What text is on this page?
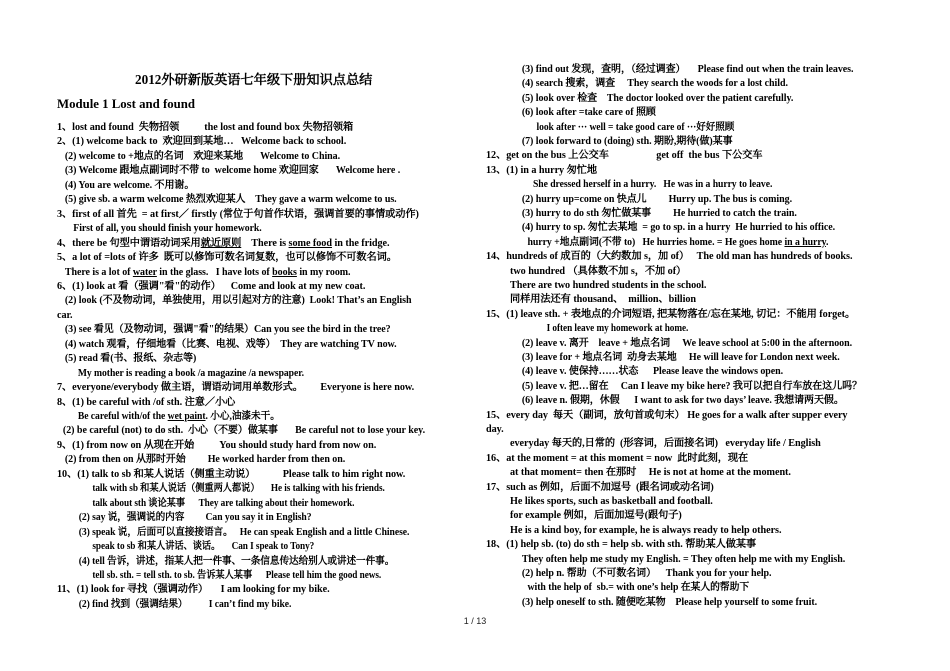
2012外研新版英语七年级下册知识点总结
Module 1 Lost and found
1、lost and found  失物招领          the lost and found box 失物招领箱
2、(1) welcome back to  欢迎回到某地…   Welcome back to school.
(2) welcome to +地点的名词    欢迎来某地       Welcome to China.
(3) Welcome 跟地点副词时不带 to  welcome home 欢迎回家       Welcome here .
(4) You are welcome. 不用谢。
(5) give sb. a warm welcome 热烈欢迎某人    They gave a warm welcome to us.
3、first of all 首先  = at first／ firstly (常位于句首作状语，强调首要的事情或动作)
First of all, you should finish your homework.
4、there be 句型中谓语动词采用就近原则    There is some food in the fridge.
5、a lot of =lots of 许多  既可以修饰可数名词复数，也可以修饰不可数名词。
There is a lot of water in the glass.   I have lots of books in my room.
6、(1) look at 看（强调"看"的动作）    Come and look at my new coat.
(2) look (不及物动词，单独使用，用以引起对方的注意)  Look! That’s an English
car.
(3) see 看见（及物动词，强调"看"的结果）Can you see the bird in the tree?
(4) watch 观看，仔细地看（比赛、电视、戏等）  They are watching TV now.
(5) read 看(书、报纸、杂志等)
My mother is reading a book /a magazine /a newspaper.
7、everyone/everybody 做主语，谓语动词用单数形式。       Everyone is here now.
8、(1) be careful with /of sth. 注意／小心
Be careful with/of the wet paint. 小心,油漆未干。
(2) be careful (not) to do sth.  小心（不要）做某事       Be careful not to lose your key.
9、(1) from now on 从现在开始          You should study hard from now on.
(2) from then on 从那时开始         He worked harder from then on.
10、(1) talk to sb 和某人说话（侧重主动说）           Please talk to him right now.
talk with sb 和某人说话（侧重两人都说）     He is talking with his friends.
talk about sth 谈论某事      They are talking about their homework.
(2) say 说，强调说的内容         Can you say it in English?
(3) speak 说，后面可以直接接语言。   He can speak English and a little Chinese.
speak to sb 和某人讲话、谈话。     Can I speak to Tony?
(4) tell 告诉，讲述，指某人把一件事、一条信息传达给别人或讲述一件事。
tell sb. sth. = tell sth. to sb. 告诉某人某事      Please tell him the good news.
11、(1) look for 寻找（强调动作）     I am looking for my bike.
(2) find 找到（强调结果）         I can’t find my bike.
(3) find out 发现，查明，（经过调查）     Please find out when the train leaves.
(4) search 搜索，调查     They search the woods for a lost child.
(5) look over 检查    The doctor looked over the patient carefully.
(6) look after =take care of 照顾
look after ··· well = take good care of ···好好照顾
(7) look forward to (doing) sth. 期盼,期待(做)某事
12、get on the bus 上公交车                   get off  the bus 下公交车
13、(1) in a hurry 匆忙地
She dressed herself in a hurry.   He was in a hurry to leave.
(2) hurry up=come on 快点儿         Hurry up. The bus is coming.
(3) hurry to do sth 匆忙做某事         He hurried to catch the train.
(4) hurry to sp. 匆忙去某地  = go to sp. in a hurry  He hurried to his office.
hurry +地点副词(不带 to)   He hurries home. = He goes home in a hurry.
14、hundreds of 成百的（大约数加 s，加 of）   The old man has hundreds of books.
two hundred （具体数不加 s，不加 of）
There are two hundred students in the school.
同样用法还有 thousand、  million、billion
15、(1) leave sth. + 表地点的介词短语, 把某物落在/忘在某地, 切记：不能用 forget。
I often leave my homework at home.
(2) leave v. 离开    leave + 地点名词     We leave school at 5:00 in the afternoon.
(3) leave for + 地点名词  动身去某地     He will leave for London next week.
(4) leave v. 使保持……状态      Please leave the windows open.
(5) leave v. 把…留在     Can I leave my bike here? 我可以把自行车放在这儿吗？
(6) leave n. 假期，休假      I want to ask for two days’ leave. 我想请两天假。
15、every day  每天（副词，放句首或句末） He goes for a walk after supper every
day.
everyday 每天的,日常的  (形容词，后面接名词)   everyday life / English
16、at the moment = at this moment = now  此时此刻，现在
at that moment= then 在那时     He is not at home at the moment.
17、such as 例如，后面不加逗号  (跟名词或动名词)
He likes sports, such as basketball and football.
for example 例如，后面加逗号(跟句子)
He is a kind boy, for example, he is always ready to help others.
18、(1) help sb. (to) do sth = help sb. with sth. 帮助某人做某事
They often help me study my English. = They often help me with my English.
(2) help n. 帮助（不可数名词）    Thank you for your help.
with the help of  sb.= with one’s help 在某人的帮助下
(3) help oneself to sth. 随便吃某物    Please help yourself to some fruit.
1 / 13
